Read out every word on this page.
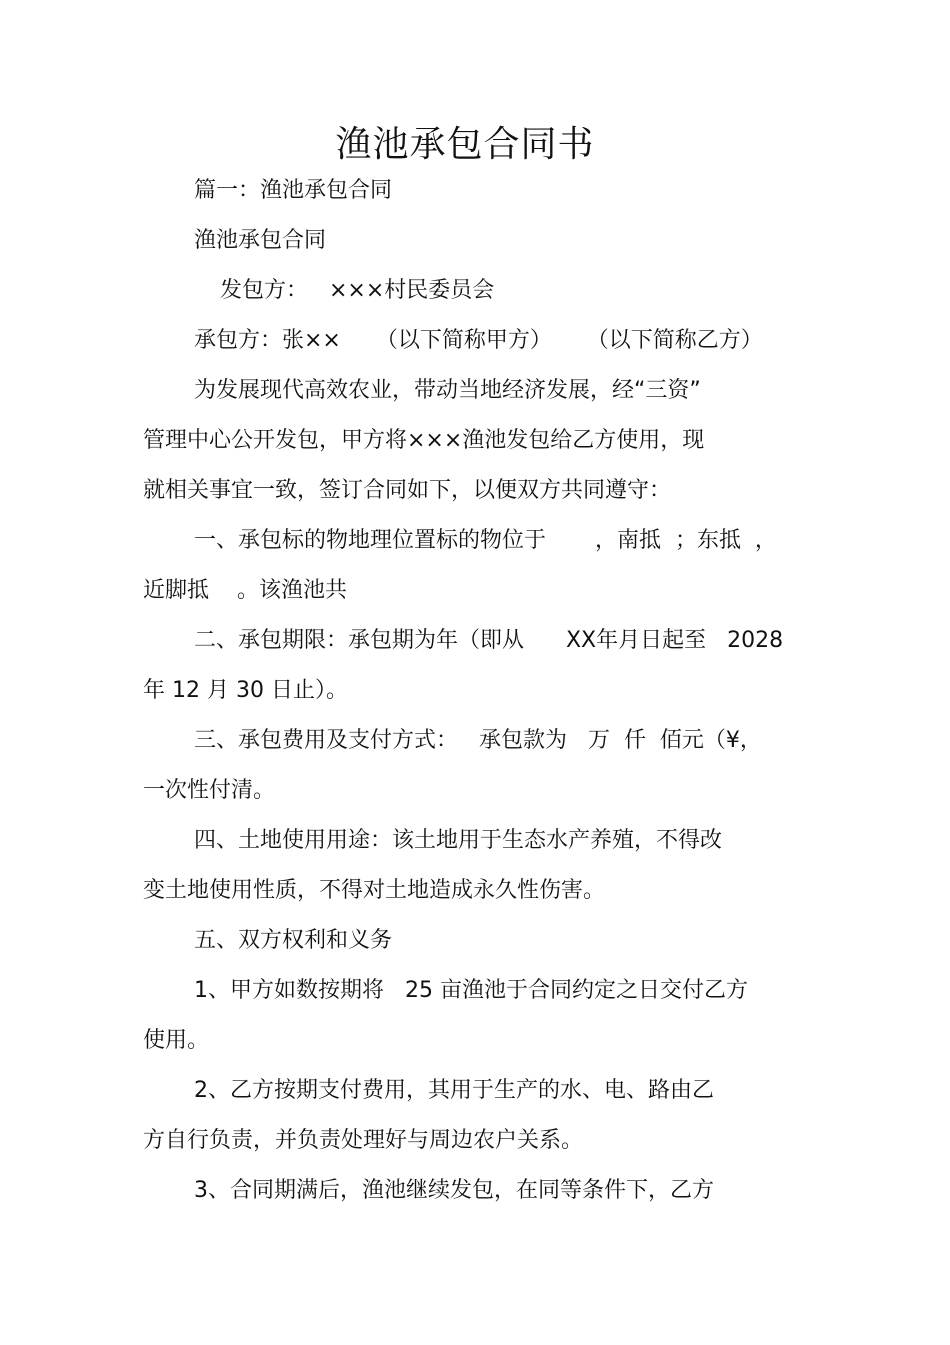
渔池承包合同书
篇一：渔池承包合同
渔池承包合同
发包方：   ×××村民委员会
承包方：张××     （以下简称甲方）     （以下简称乙方）
为发展现代高效农业，带动当地经济发展，经“三资”
管理中心公开发包，甲方将×××渔池发包给乙方使用，现
就相关事宜一致，签订合同如下，以便双方共同遵守：
一、承包标的物地理位置标的物位于       ，南抵  ；东抵  ，
近脚抵    。该渔池共
二、承包期限：承包期为年（即从      XX年月日起至   2028
年 12 月 30 日止）。
三、承包费用及支付方式：   承包款为   万  仟  佰元（¥，
一次性付清。
四、土地使用用途：该土地用于生态水产养殖，不得改
变土地使用性质，不得对土地造成永久性伤害。
五、双方权利和义务
1、甲方如数按期将   25 亩渔池于合同约定之日交付乙方
使用。
2、乙方按期支付费用，其用于生产的水、电、路由乙
方自行负责，并负责处理好与周边农户关系。
3、合同期满后，渔池继续发包，在同等条件下，乙方
